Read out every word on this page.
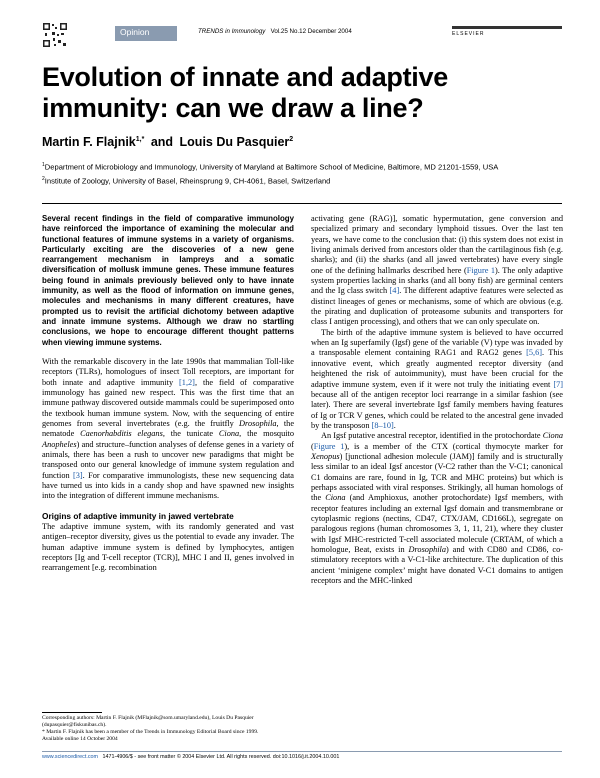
Opinion	TRENDS in Immunology Vol.25 No.12 December 2004	ELSEVIER
Evolution of innate and adaptive immunity: can we draw a line?
Martin F. Flajnik$^{1,*}$ and Louis Du Pasquier$^2$

$^1$Department of Microbiology and Immunology, University of Maryland at Baltimore School of Medicine, Baltimore, MD 21201-1559, USA

$^2$Institute of Zoology, University of Basel, Rheinsprung 9, CH-4061, Basel, Switzerland

Several recent findings in the field of comparative immunology have reinforced the importance of examining the molecular and functional features of immune systems in a variety of organisms. Particularly exciting are the discoveries of a new gene rearrangement mechanism in lampreys and a somatic diversification of mollusk immune genes. These immune features being found in animals previously believed only to have innate immunity, as well as the flood of information on immune genes, molecules and mechanisms in many different creatures, have prompted us to revisit the artificial dichotomy between adaptive and innate immune systems. Although we draw no startling conclusions, we hope to encourage different thought patterns when viewing immune systems.

With the remarkable discovery in the late 1990s that mammalian Toll-like receptors (TLRs), homologues of insect Toll receptors, are important for both innate and adaptive immunity [1,2], the field of comparative immunology has gained new respect. This was the first time that an immune pathway discovered outside mammals could be superimposed onto the textbook human immune system. Now, with the sequencing of entire genomes from several invertebrates (e.g. the fruitfly Drosophila, the nematode Caenorhabditis elegans, the tunicate Ciona, the mosquito Anopheles) and structure–function analyses of defense genes in a variety of animals, there has been a rush to uncover new paradigms that might be transposed onto our general knowledge of immune system regulation and function [3]. For comparative immunologists, these new sequencing data have turned us into kids in a candy shop and have spawned new insights into the integration of different immune mechanisms.

Origins of adaptive immunity in jawed vertebrate

The adaptive immune system, with its randomly generated and vast antigen–receptor diversity, gives us the potential to evade any invader. The human adaptive immune system is defined by lymphocytes, antigen receptors [Ig and T-cell receptor (TCR)], MHC I and II, genes involved in rearrangement [e.g. recombination

Corresponding authors: Martin F. Flajnik (MFlajnik@som.umaryland.edu), Louis Du Pasquier (dupasquier@fiskunibas.ch).

* Martin F. Flajnik has been a member of the Trends in Immunology Editorial Board since 1999.

Available online 14 October 2004

activating gene (RAG)], somatic hypermutation, gene conversion and specialized primary and secondary lymphoid tissues. Over the last ten years, we have come to the conclusion that: (i) this system does not exist in living animals derived from ancestors older than the cartilaginous fish (e.g. sharks); and (ii) the sharks (and all jawed vertebrates) have every single one of the defining hallmarks described here (Figure 1). The only adaptive system properties lacking in sharks (and all bony fish) are germinal centers and the Ig class switch [4]. The different adaptive features were selected as distinct lineages of genes or mechanisms, some of which are obvious (e.g. the pirating and duplication of proteasome subunits and transporters for class I antigen processing), and others that we can only speculate on.

The birth of the adaptive immune system is believed to have occurred when an Ig superfamily (Igsf) gene of the variable (V) type was invaded by a transposable element containing RAG1 and RAG2 genes [5,6]. This innovative event, which greatly augmented receptor diversity (and heightened the risk of autoimmunity), must have been crucial for the adaptive immune system, even if it were not truly the initiating event [7] because all of the antigen receptor loci rearrange in a similar fashion (see later). There are several invertebrate Igsf family members having features of Ig or TCR V genes, which could be related to the ancestral gene invaded by the transposon [8–10].

An Igsf putative ancestral receptor, identified in the protochordate Ciona (Figure 1), is a member of the CTX (cortical thymocyte marker for Xenopus) [junctional adhesion molecule (JAM)] family and is structurally less similar to an ideal Igsf ancestor (V-C2 rather than the V-C1; canonical C1 domains are rare, found in Ig, TCR and MHC proteins) but which is perhaps associated with viral responses. Strikingly, all human homologs of the Ciona (and Amphioxus, another protochordate) Igsf members, with receptor features including an external Igsf domain and transmembrane or cytoplasmic regions (nectins, CD47, CTX/JAM, CD166L), segregate on paralogous regions (human chromosomes 3, 1, 11, 21), where they cluster with Igsf MHC-restricted T-cell associated molecule (CRTAM, of which a homologue, Beat, exists in Drosophila) and with CD80 and CD86, co-stimulatory receptors with a V-C1-like architecture. The duplication of this ancient ‘minigene complex’ might have donated V-C1 domains to antigen receptors and the MHC-linked

www.sciencedirect.com 1471-4906/$ - see front matter © 2004 Elsevier Ltd. All rights reserved. doi:10.1016/j.it.2004.10.001
